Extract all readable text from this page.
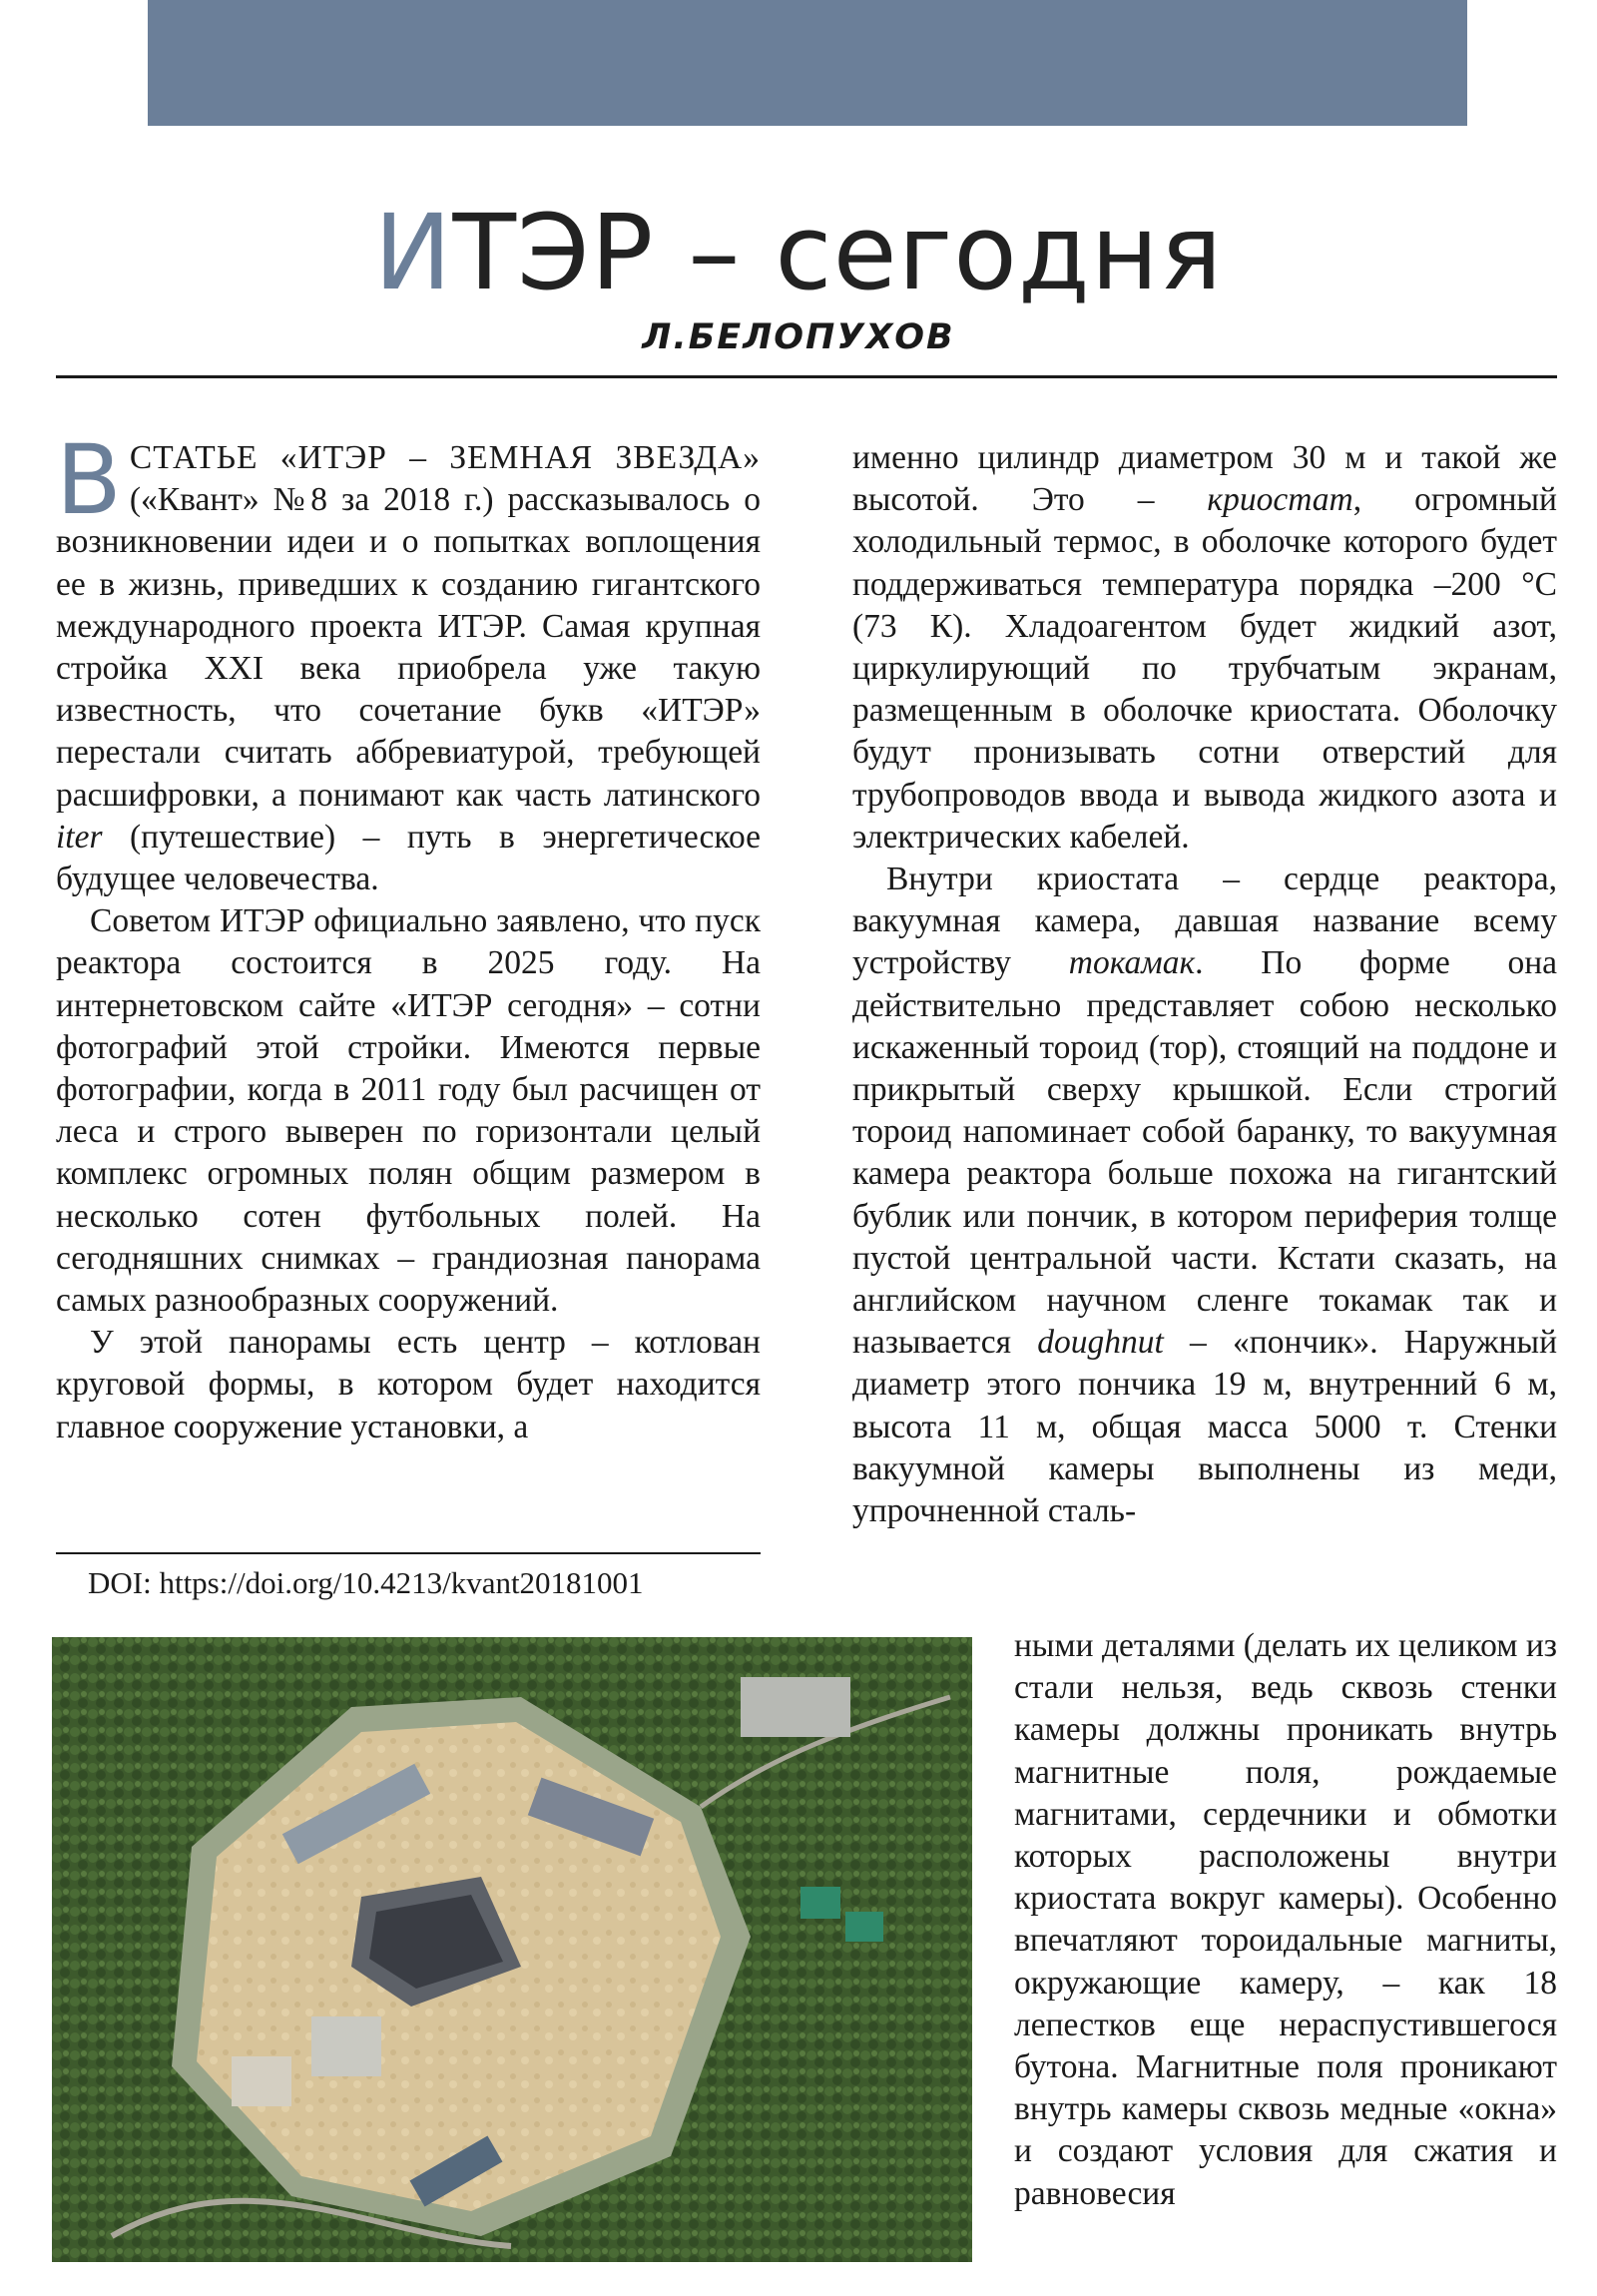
ИТЭР – сегодня
Л.БЕЛОПУХОВ

ВСТАТЬЕ «ИТЭР – ЗЕМНАЯ ЗВЕЗДА» («Квант» №8 за 2018 г.) рассказывалось о возникновении идеи и о попытках воплощения ее в жизнь, приведших к созданию гигантского международного проекта ИТЭР. Самая крупная стройка XXI века приобрела уже такую известность, что сочетание букв «ИТЭР» перестали считать аббревиатурой, требующей расшифровки, а понимают как часть латинского iter (путешествие) – путь в энергетическое будущее человечества.

Советом ИТЭР официально заявлено, что пуск реактора состоится в 2025 году. На интернетовском сайте «ИТЭР сегодня» – сотни фотографий этой стройки. Имеются первые фотографии, когда в 2011 году был расчищен от леса и строго выверен по горизонтали целый комплекс огромных полян общим размером в несколько сотен футбольных полей. На сегодняшних снимках – грандиозная панорама самых разнообразных сооружений.

У этой панорамы есть центр – котлован круговой формы, в котором будет находится главное сооружение установки, а

DOI: https://doi.org/10.4213/kvant20181001

именно цилиндр диаметром 30 м и такой же высотой. Это – криостат, огромный холодильный термос, в оболочке которого будет поддерживаться температура порядка –200 °С (73 К). Хладоагентом будет жидкий азот, циркулирующий по трубчатым экранам, размещенным в оболочке криостата. Оболочку будут пронизывать сотни отверстий для трубопроводов ввода и вывода жидкого азота и электрических кабелей.

Внутри криостата – сердце реактора, вакуумная камера, давшая название всему устройству токамак. По форме она действительно представляет собою несколько искаженный тороид (тор), стоящий на поддоне и прикрытый сверху крышкой. Если строгий тороид напоминает собой баранку, то вакуумная камера реактора больше похожа на гигантский бублик или пончик, в котором периферия толще пустой центральной части. Кстати сказать, на английском научном сленге токамак так и называется doughnut – «пончик». Наружный диаметр этого пончика 19 м, внутренний 6 м, высота 11 м, общая масса 5000 т. Стенки вакуумной камеры выполнены из меди, упрочненной сталь-

ными деталями (делать их целиком из стали нельзя, ведь сквозь стенки камеры должны проникать внутрь магнитные поля, рождаемые магнитами, сердечники и обмотки которых расположены внутри криостата вокруг камеры). Особенно впечатляют тороидальные магниты, окружающие камеру, – как 18 лепестков еще нераспустившегося бутона. Магнитные поля проникают внутрь камеры сквозь медные «окна» и создают условия для сжатия и равновесия
